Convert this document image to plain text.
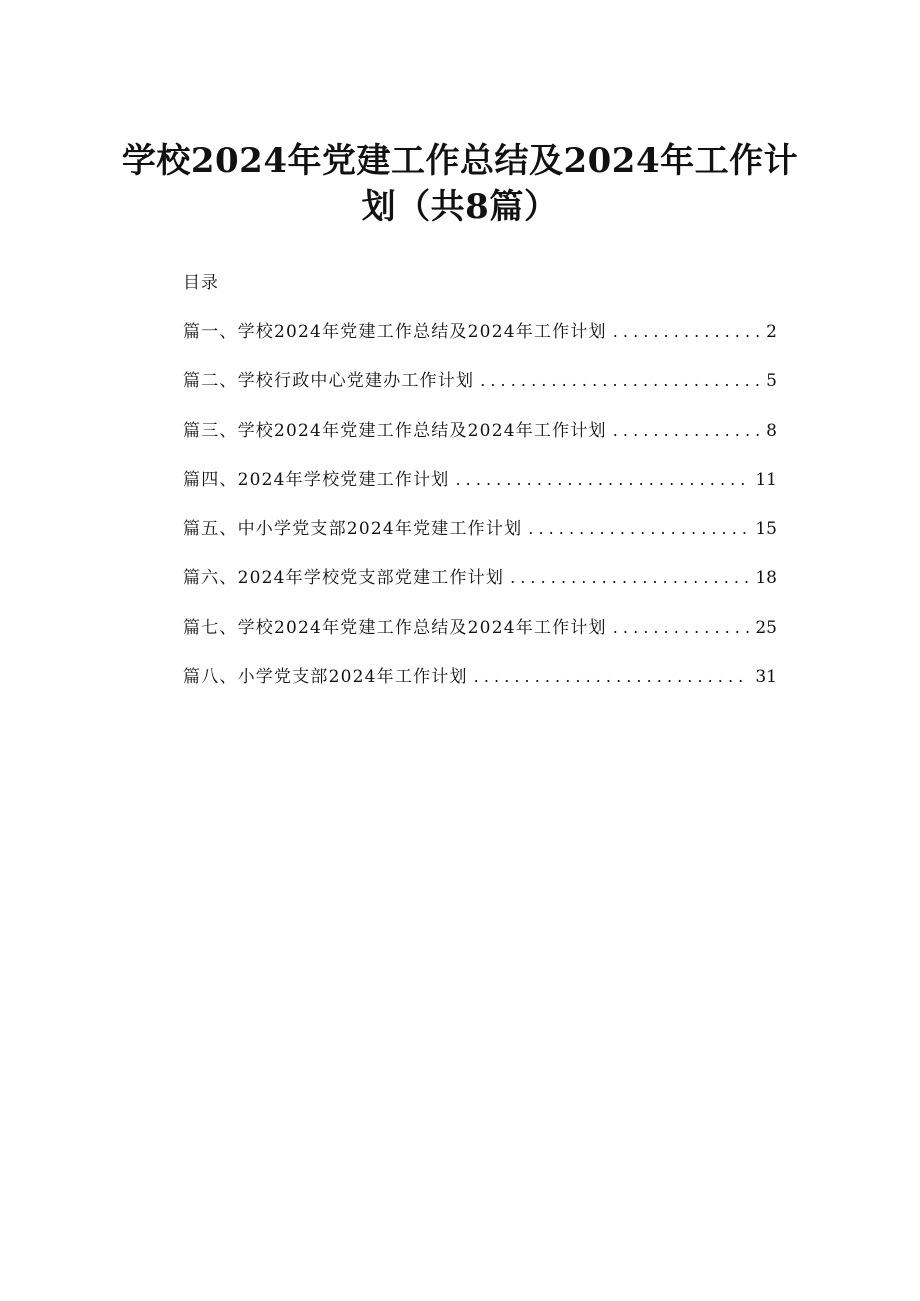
学校2024年党建工作总结及2024年工作计
划（共8篇）

目录

篇一、学校2024年党建工作总结及2024年工作计划 . . .	2
篇二、学校行政中心党建办工作计划 . . .	5
篇三、学校2024年党建工作总结及2024年工作计划 . . .	8
篇四、2024年学校党建工作计划 . . .	11
篇五、中小学党支部2024年党建工作计划 . . .	15
篇六、2024年学校党支部党建工作计划 . . .	18
篇七、学校2024年党建工作总结及2024年工作计划 . . .	25
篇八、小学党支部2024年工作计划 . . .	31
